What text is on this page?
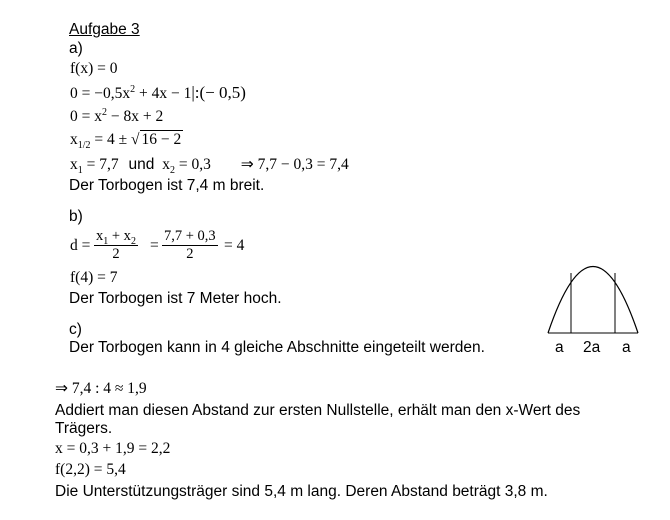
Aufgabe 3
a)
f(x) = 0
$0 = -0,5x^2 + 4x$ − 1|:(− 0,5)
$0 = x^2 - 8x + 2$
$x_{1/2} = 4$ ± √ 16 − 2
$x_1 = 7,7$ und $x_2 = 0,3$ ⇒ 7,7 − 0,3 = 7,4
Der Torbogen ist 7,4 m breit.
b)
$d = \frac{x_1 + x_2}{2} = \frac{7,7 + 0,3}{2} = 4$
f(4) = 7
Der Torbogen ist 7 Meter hoch.
c)
Der Torbogen kann in 4 gleiche Abschnitte eingeteilt werden.
⇒ 7,4 : 4 ≈ 1,9
Addiert man diesen Abstand zur ersten Nullstelle, erhält man den x-Wert des
Trägers.
x = 0,3 + 1,9 = 2,2
f(2,2) = 5,4
Die Unterstützungsträger sind 5,4 m lang. Deren Abstand beträgt 3,8 m.
a 2a a
